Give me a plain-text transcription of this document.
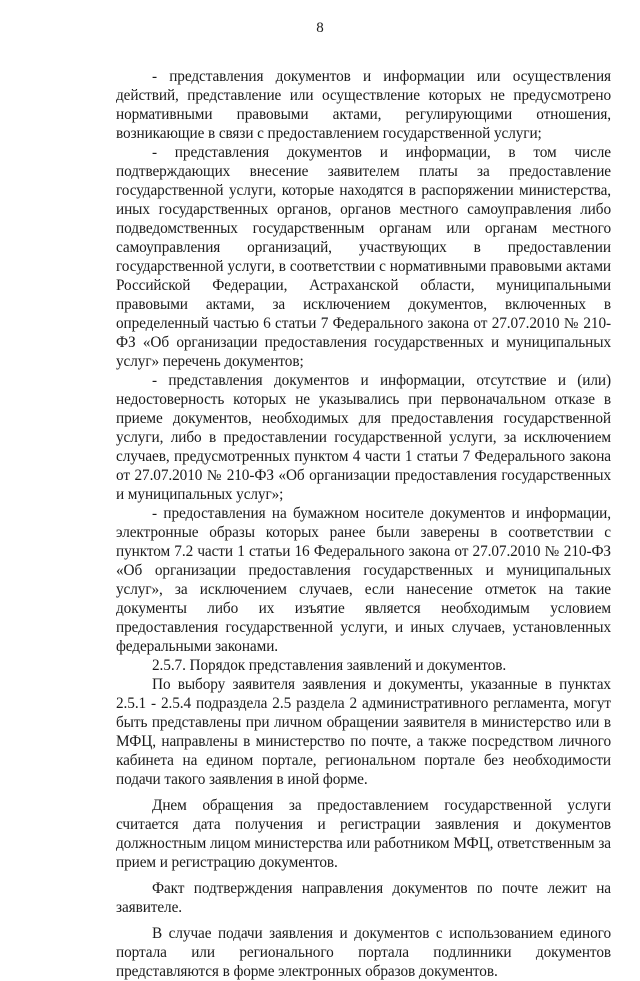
8

- представления документов и информации или осуществления действий, представление или осуществление которых не предусмотрено нормативными правовыми актами, регулирующими отношения, возникающие в связи с предоставлением государственной услуги;

- представления документов и информации, в том числе подтверждающих внесение заявителем платы за предоставление государственной услуги, которые находятся в распоряжении министерства, иных государственных органов, органов местного самоуправления либо подведомственных государственным органам или органам местного самоуправления организаций, участвующих в предоставлении государственной услуги, в соответствии с нормативными правовыми актами Российской Федерации, Астраханской области, муниципальными правовыми актами, за исключением документов, включенных в определенный частью 6 статьи 7 Федерального закона от 27.07.2010 № 210-ФЗ «Об организации предоставления государственных и муниципальных услуг» перечень документов;

- представления документов и информации, отсутствие и (или) недостоверность которых не указывались при первоначальном отказе в приеме документов, необходимых для предоставления государственной услуги, либо в предоставлении государственной услуги, за исключением случаев, предусмотренных пунктом 4 части 1 статьи 7 Федерального закона от 27.07.2010 № 210-ФЗ «Об организации предоставления государственных и муниципальных услуг»;

- предоставления на бумажном носителе документов и информации, электронные образы которых ранее были заверены в соответствии с пунктом 7.2 части 1 статьи 16 Федерального закона от 27.07.2010 № 210-ФЗ «Об организации предоставления государственных и муниципальных услуг», за исключением случаев, если нанесение отметок на такие документы либо их изъятие является необходимым условием предоставления государственной услуги, и иных случаев, установленных федеральными законами.

2.5.7. Порядок представления заявлений и документов.

По выбору заявителя заявления и документы, указанные в пунктах 2.5.1 - 2.5.4 подраздела 2.5 раздела 2 административного регламента, могут быть представлены при личном обращении заявителя в министерство или в МФЦ, направлены в министерство по почте, а также посредством личного кабинета на едином портале, региональном портале без необходимости подачи такого заявления в иной форме.

Днем обращения за предоставлением государственной услуги считается дата получения и регистрации заявления и документов должностным лицом министерства или работником МФЦ, ответственным за прием и регистрацию документов.

Факт подтверждения направления документов по почте лежит на заявителе.

В случае подачи заявления и документов с использованием единого портала или регионального портала подлинники документов представляются в форме электронных образов документов.
